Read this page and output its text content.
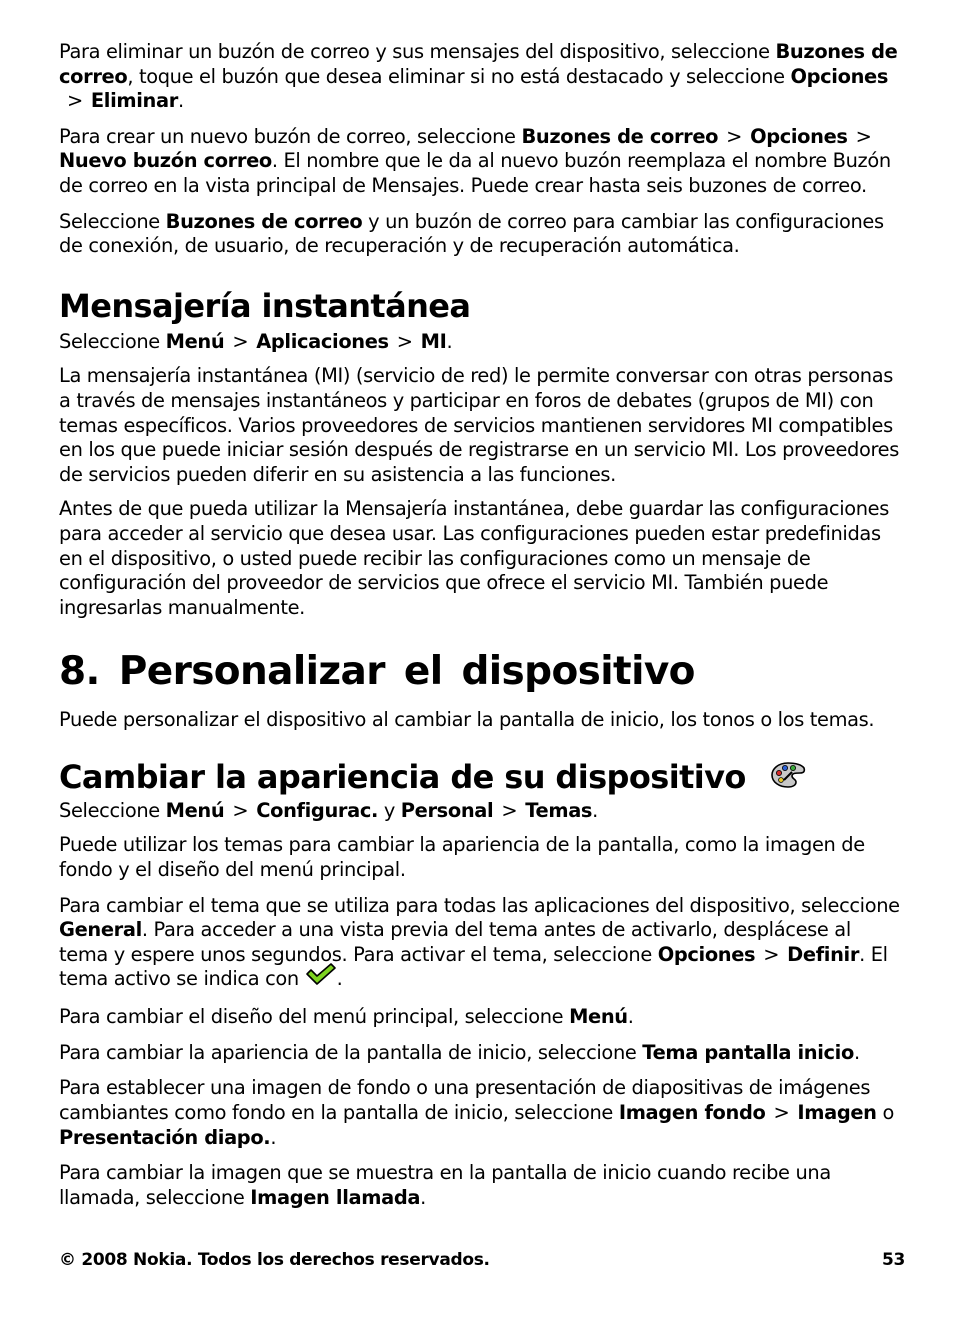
Para eliminar un buzón de correo y sus mensajes del dispositivo, seleccione Buzones de correo, toque el buzón que desea eliminar si no está destacado y seleccione Opciones> Eliminar.

Para crear un nuevo buzón de correo, seleccione Buzones de correo > Opciones >Nuevo buzón correo. El nombre que le da al nuevo buzón reemplaza el nombre Buzón de correo en la vista principal de Mensajes. Puede crear hasta seis buzones de correo.

Seleccione Buzones de correo y un buzón de correo para cambiar las configuraciones de conexión, de usuario, de recuperación y de recuperación automática.

Mensajería instantánea

Seleccione Menú > Aplicaciones > MI.

La mensajería instantánea (MI) (servicio de red) le permite conversar con otras personas a través de mensajes instantáneos y participar en foros de debates (grupos de MI) con temas específicos. Varios proveedores de servicios mantienen servidores MI compatibles en los que puede iniciar sesión después de registrarse en un servicio MI. Los proveedores de servicios pueden diferir en su asistencia a las funciones.

Antes de que pueda utilizar la Mensajería instantánea, debe guardar las configuraciones para acceder al servicio que desea usar. Las configuraciones pueden estar predefinidas en el dispositivo, o usted puede recibir las configuraciones como un mensaje de configuración del proveedor de servicios que ofrece el servicio MI. También puede ingresarlas manualmente.

8. Personalizar el dispositivo

Puede personalizar el dispositivo al cambiar la pantalla de inicio, los tonos o los temas.

Cambiar la apariencia de su dispositivo

Seleccione Menú > Configurac. y Personal > Temas.

Puede utilizar los temas para cambiar la apariencia de la pantalla, como la imagen de fondo y el diseño del menú principal.

Para cambiar el tema que se utiliza para todas las aplicaciones del dispositivo, seleccione General. Para acceder a una vista previa del tema antes de activarlo, desplácese al tema y espere unos segundos. Para activar el tema, seleccione Opciones > Definir. El tema activo se indica con .

Para cambiar el diseño del menú principal, seleccione Menú.

Para cambiar la apariencia de la pantalla de inicio, seleccione Tema pantalla inicio.

Para establecer una imagen de fondo o una presentación de diapositivas de imágenes cambiantes como fondo en la pantalla de inicio, seleccione Imagen fondo > Imagen o Presentación diapo..

Para cambiar la imagen que se muestra en la pantalla de inicio cuando recibe una llamada, seleccione Imagen llamada.

© 2008 Nokia. Todos los derechos reservados.	53
